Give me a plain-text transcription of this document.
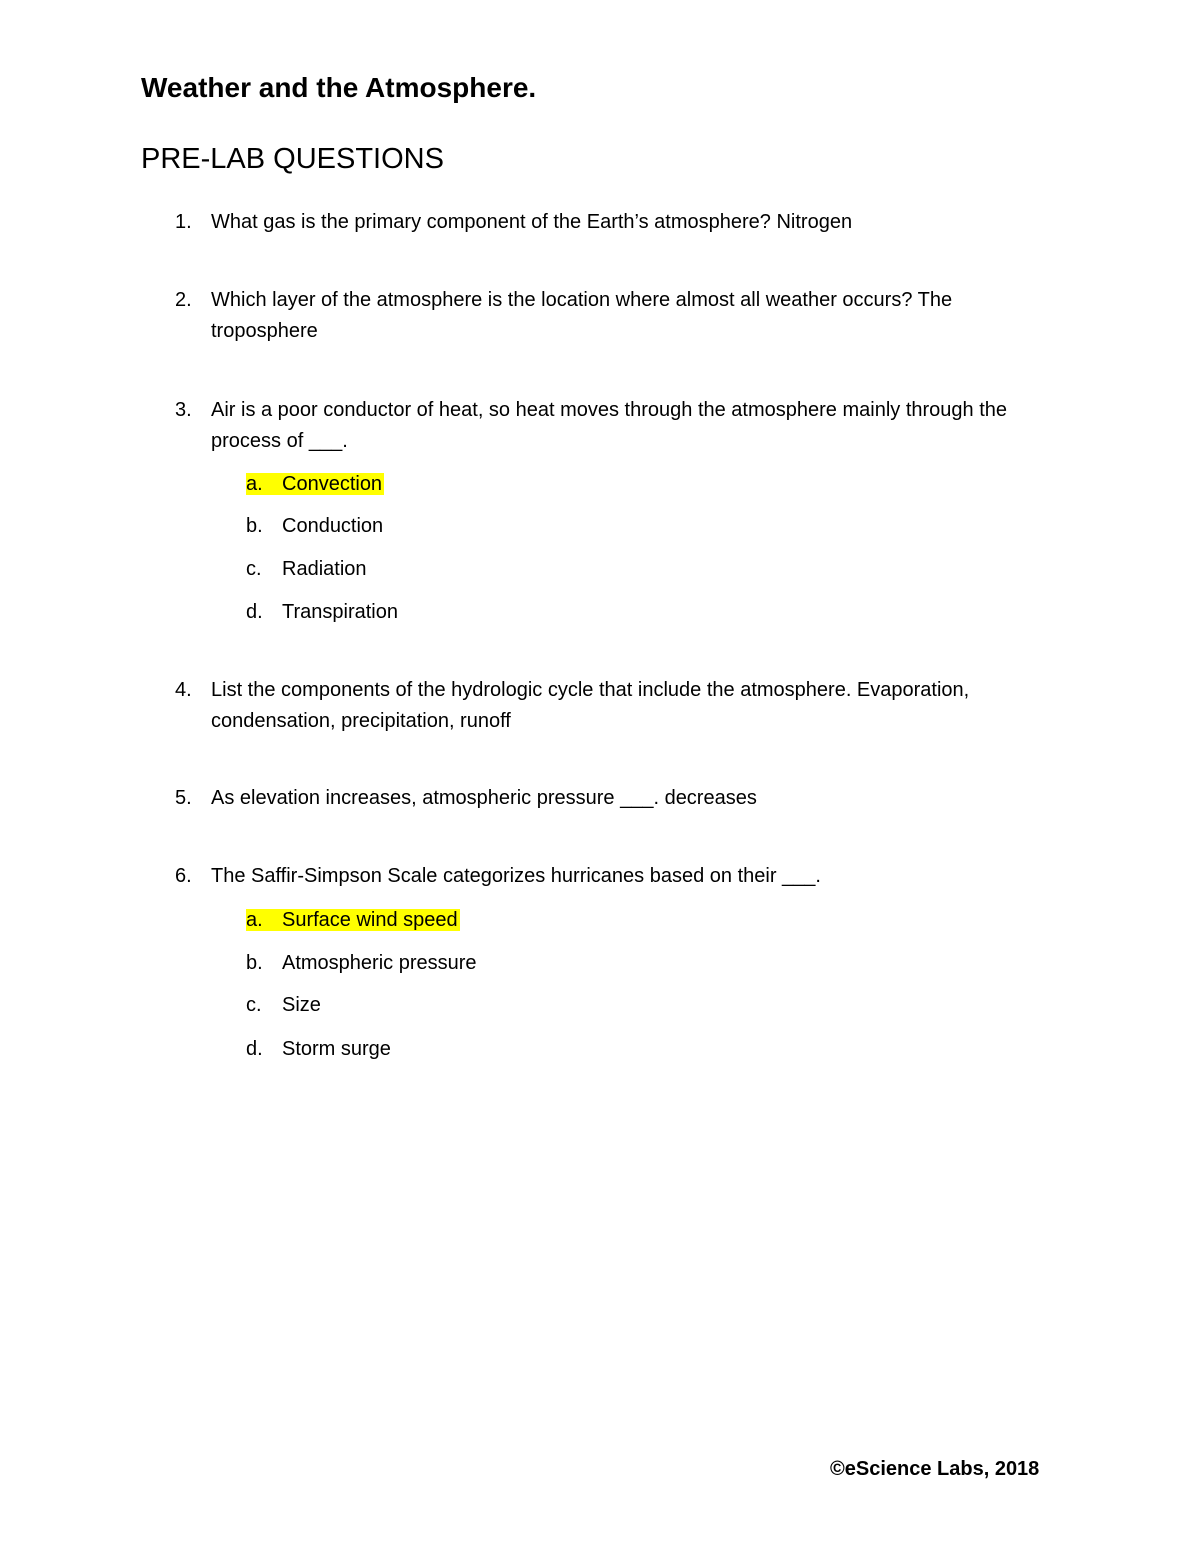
Weather and the Atmosphere.
PRE-LAB QUESTIONS
1. What gas is the primary component of the Earth’s atmosphere? Nitrogen
2. Which layer of the atmosphere is the location where almost all weather occurs? The troposphere
3. Air is a poor conductor of heat, so heat moves through the atmosphere mainly through the process of ___.
a. Convection
b. Conduction
c. Radiation
d. Transpiration
4. List the components of the hydrologic cycle that include the atmosphere. Evaporation, condensation, precipitation, runoff
5. As elevation increases, atmospheric pressure ___. decreases
6. The Saffir-Simpson Scale categorizes hurricanes based on their ___.
a. Surface wind speed
b. Atmospheric pressure
c. Size
d. Storm surge
©eScience Labs, 2018
